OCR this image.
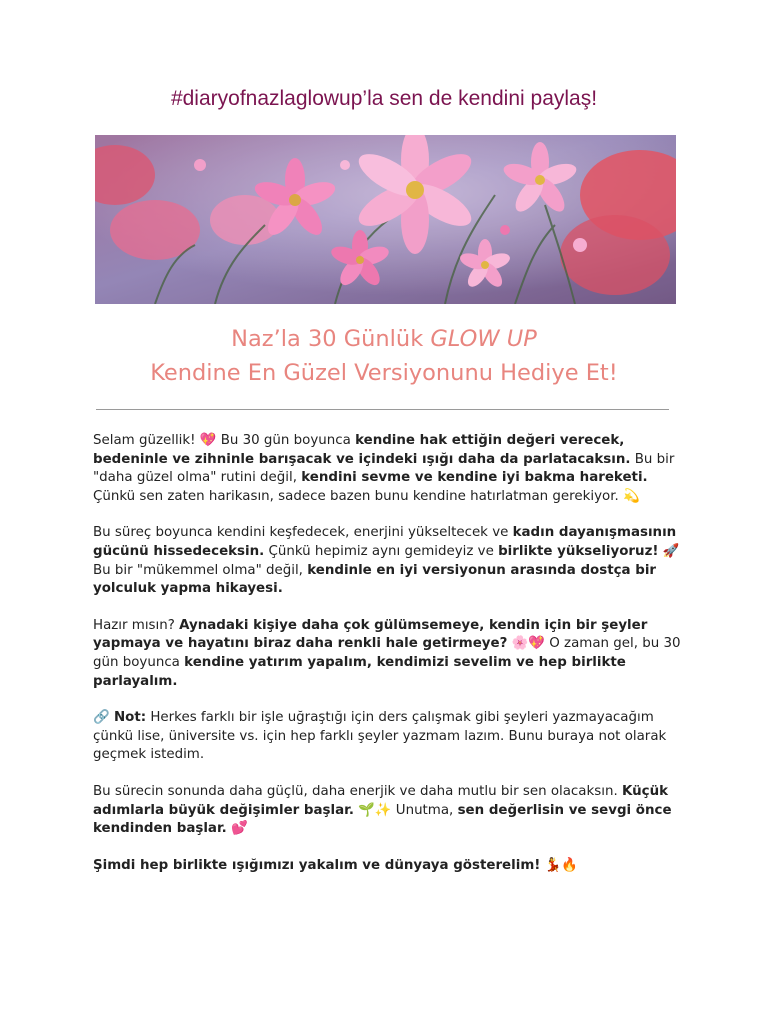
#diaryofnazlaglowup’la sen de kendini paylaş!
Naz’la 30 Günlük GLOW UP
Kendine En Güzel Versiyonunu Hediye Et!

Selam güzellik! 💖 Bu 30 gün boyunca kendine hak ettiğin değeri verecek, bedeninle ve zihninle barışacak ve içindeki ışığı daha da parlatacaksın. Bu bir "daha güzel olma" rutini değil, kendini sevme ve kendine iyi bakma hareketi. Çünkü sen zaten harikasın, sadece bazen bunu kendine hatırlatman gerekiyor. 💫

Bu süreç boyunca kendini keşfedecek, enerjini yükseltecek ve kadın dayanışmasının gücünü hissedeceksin. Çünkü hepimiz aynı gemideyiz ve birlikte yükseliyoruz! 🚀 Bu bir "mükemmel olma" değil, kendinle en iyi versiyonun arasında dostça bir yolculuk yapma hikayesi.

Hazır mısın? Aynadaki kişiye daha çok gülümsemeye, kendin için bir şeyler yapmaya ve hayatını biraz daha renkli hale getirmeye? 🌸💖 O zaman gel, bu 30 gün boyunca kendine yatırım yapalım, kendimizi sevelim ve hep birlikte parlayalım.

🔗 Not: Herkes farklı bir işle uğraştığı için ders çalışmak gibi şeyleri yazmayacağım çünkü lise, üniversite vs. için hep farklı şeyler yazmam lazım. Bunu buraya not olarak geçmek istedim.

Bu sürecin sonunda daha güçlü, daha enerjik ve daha mutlu bir sen olacaksın. Küçük adımlarla büyük değişimler başlar. 🌱✨ Unutma, sen değerlisin ve sevgi önce kendinden başlar. 💕

Şimdi hep birlikte ışığımızı yakalım ve dünyaya gösterelim! 💃🔥
